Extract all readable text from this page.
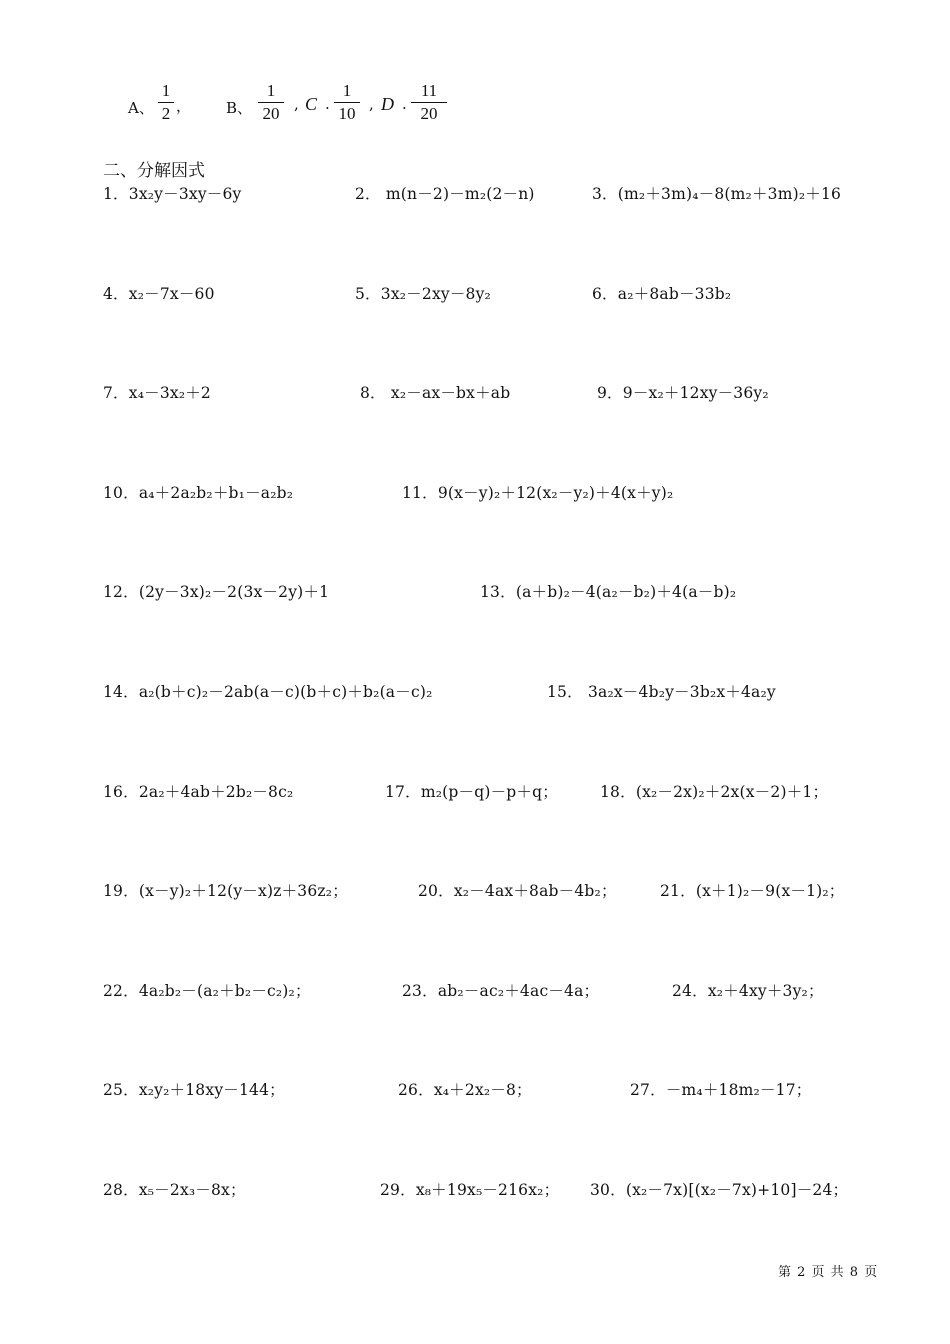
A、
1
2 ， B、
1
20 , C .
1
10 , D .
11
20
二、分解因式
1．3x₂y－3xy－6y	2． m(n－2)－m₂(2－n)	3．(m₂＋3m)₄－8(m₂＋3m)₂＋16
4．x₂－7x－60	5．3x₂－2xy－8y₂	6．a₂＋8ab－33b₂
7．x₄－3x₂＋2	8． x₂－ax－bx＋ab	9．9－x₂＋12xy－36y₂
10．a₄＋2a₂b₂＋b₁－a₂b₂	11．9(x－y)₂＋12(x₂－y₂)＋4(x＋y)₂
12．(2y－3x)₂－2(3x－2y)＋1	13．(a＋b)₂－4(a₂－b₂)＋4(a－b)₂
14．a₂(b＋c)₂－2ab(a－c)(b＋c)＋b₂(a－c)₂	15． 3a₂x－4b₂y－3b₂x＋4a₂y
16．2a₂＋4ab＋2b₂－8c₂	17．m₂(p－q)－p＋q；	18．(x₂－2x)₂＋2x(x－2)＋1；
19．(x－y)₂＋12(y－x)z＋36z₂；	20．x₂－4ax＋8ab－4b₂；	21．(x＋1)₂－9(x－1)₂；
22．4a₂b₂－(a₂＋b₂－c₂)₂；	23．ab₂－ac₂＋4ac－4a；	24．x₂＋4xy＋3y₂；
25．x₂y₂＋18xy－144；	26．x₄＋2x₂－8；	27．－m₄＋18m₂－17；
28．x₅－2x₃－8x；	29．x₈＋19x₅－216x₂； 30．(x₂－7x)[(x₂－7x)+10]－24；
第 2 页 共 8 页
